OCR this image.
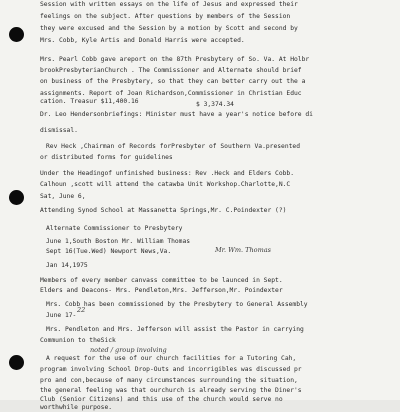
Session with written essays on the life of Jesus and expressed their
feelings on the subject. After questions by members of the Session
they were excused and the Session by a motion by Scott and second by
Mrs. Cobb, Kyle Artis and Donald Harris were accepted.
Mrs. Pearl Cobb gave areport on the 87th Presbytery of So. Va. At Holbr
brookPresbyterianChurch . The Commissioner and Alternate should brief
on business of the Presbytery, so that they can better carry out the a
assignments. Report of Joan Richardson,Commissioner in Christian Educ
cation. Treasur $11,400.16	$ 3,374.34
Dr. Leo Hendersonbriefings: Minister must have a year's notice before di
dismissal.
Rev Heck ,Chairman of Records forPresbyter of Southern Va.presented
or distributed forms for guidelines
Under the Headingof unfinished business: Rev .Heck and Elders Cobb.
Calhoun ,scott will attend the catawba Unit Workshop.Charlotte,N.C
Sat, June 6,
Attending Synod School at Massanetta Springs,Mr. C.Poindexter (?)
Alternate Commissioner to Presbytery
June 1,South Boston Mr. William Thomas
Sept 16(Tue.Wed) Newport News,Va.	Mr. Wm. Thomas
Jan 14,1975
Members of every member canvass committee to be launced in Sept.
Elders and Deacons- Mrs. Pendleton,Mrs. Jefferson,Mr. Poindexter
Mrs. Cobb has been commissioned by the Presbytery to General Assembly
June 17-
22
Mrs. Pendleton and Mrs. Jefferson will assist the Pastor in carrying
Communion to theSick
noted / group involving
A request for the use of our church facilities for a Tutoring Cah,
program involving School Drop-Outs and incorrigibles was discussed pr
pro and con,because of many circumstances surrounding the situation,
the general feeling was that ourchurch is already serving the Diner's
Club (Senior Citizens) and this use of the church would serve no
worthwhile purpose.
